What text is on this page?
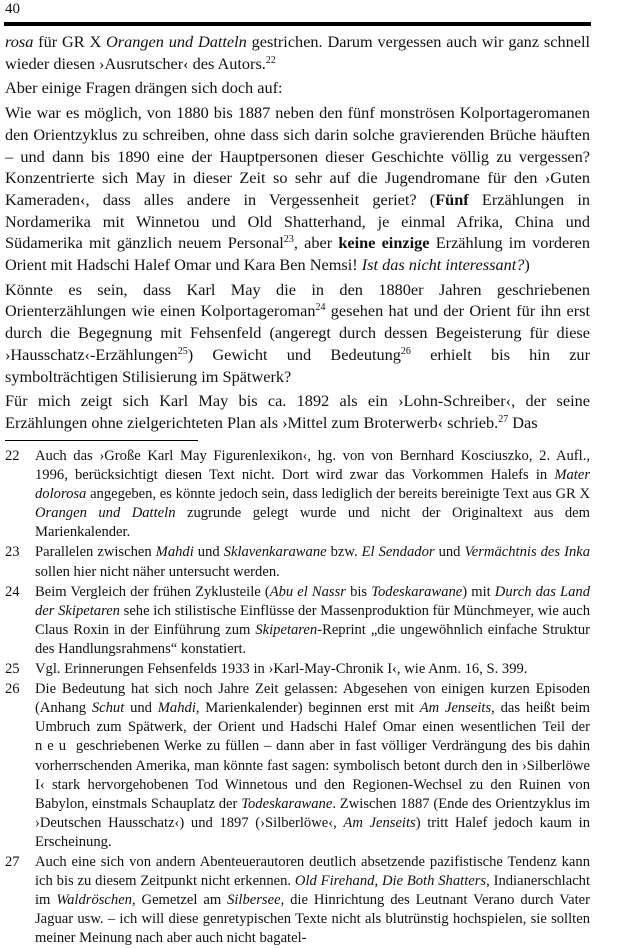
40

rosa für GR X Orangen und Datteln gestrichen. Darum vergessen auch wir ganz schnell wieder diesen ›Ausrutscher‹ des Autors.$^{22}$

Aber einige Fragen drängen sich doch auf:

Wie war es möglich, von 1880 bis 1887 neben den fünf monströsen Kolportageromanen den Orientzyklus zu schreiben, ohne dass sich darin solche gravierenden Brüche häuften – und dann bis 1890 eine der Hauptpersonen dieser Geschichte völlig zu vergessen? Konzentrierte sich May in dieser Zeit so sehr auf die Jugendromane für den ›Guten Kameraden‹, dass alles andere in Vergessenheit geriet? (Fünf Erzählungen in Nordamerika mit Winnetou und Old Shatterhand, je einmal Afrika, China und Südamerika mit gänzlich neuem Personal$^{23}$, aber keine einzige Erzählung im vorderen Orient mit Hadschi Halef Omar und Kara Ben Nemsi! Ist das nicht interessant?)

Könnte es sein, dass Karl May die in den 1880er Jahren geschriebenen Orienterzählungen wie einen Kolportageroman$^{24}$ gesehen hat und der Orient für ihn erst durch die Begegnung mit Fehsenfeld (angeregt durch dessen Begeisterung für diese ›Hausschatz‹-Erzählungen$^{25}$) Gewicht und Bedeutung$^{26}$ erhielt bis hin zur symbolträchtigen Stilisierung im Spätwerk?

Für mich zeigt sich Karl May bis ca. 1892 als ein ›Lohn-Schreiber‹, der seine Erzählungen ohne zielgerichteten Plan als ›Mittel zum Broterwerb‹ schrieb.$^{27}$ Das

22	Auch das ›Große Karl May Figurenlexikon‹, hg. von von Bernhard Kosciuszko, 2. Aufl., 1996, berücksichtigt diesen Text nicht. Dort wird zwar das Vorkommen Halefs in Mater dolorosa angegeben, es könnte jedoch sein, dass lediglich der bereits bereinigte Text aus GR X Orangen und Datteln zugrunde gelegt wurde und nicht der Originaltext aus dem Marienkalender.
23	Parallelen zwischen Mahdi und Sklavenkarawane bzw. El Sendador und Vermächtnis des Inka sollen hier nicht näher untersucht werden.
24	Beim Vergleich der frühen Zyklusteile (Abu el Nassr bis Todeskarawane) mit Durch das Land der Skipetaren sehe ich stilistische Einflüsse der Massenproduktion für Münchmeyer, wie auch Claus Roxin in der Einführung zum Skipetaren-Reprint „die ungewöhnlich einfache Struktur des Handlungsrahmens“ konstatiert.
25	Vgl. Erinnerungen Fehsenfelds 1933 in ›Karl-May-Chronik I‹, wie Anm. 16, S. 399.
26	Die Bedeutung hat sich noch Jahre Zeit gelassen: Abgesehen von einigen kurzen Episoden (Anhang Schut und Mahdi, Marienkalender) beginnen erst mit Am Jenseits, das heißt beim Umbruch zum Spätwerk, der Orient und Hadschi Halef Omar einen wesentlichen Teil der neu geschriebenen Werke zu füllen – dann aber in fast völliger Verdrängung des bis dahin vorherrschenden Amerika, man könnte fast sagen: symbolisch betont durch den in ›Silberlöwe I‹ stark hervorgehobenen Tod Winnetous und den Regionen-Wechsel zu den Ruinen von Babylon, einstmals Schauplatz der Todeskarawane. Zwischen 1887 (Ende des Orientzyklus im ›Deutschen Hausschatz‹) und 1897 (›Silberlöwe‹, Am Jenseits) tritt Halef jedoch kaum in Erscheinung.
27	Auch eine sich von andern Abenteuerautoren deutlich absetzende pazifistische Tendenz kann ich bis zu diesem Zeitpunkt nicht erkennen. Old Firehand, Die Both Shatters, Indianerschlacht im Waldröschen, Gemetzel am Silbersee, die Hinrichtung des Leutnant Verano durch Vater Jaguar usw. – ich will diese genretypischen Texte nicht als blutrünstig hochspielen, sie sollten meiner Meinung nach aber auch nicht bagatel-
